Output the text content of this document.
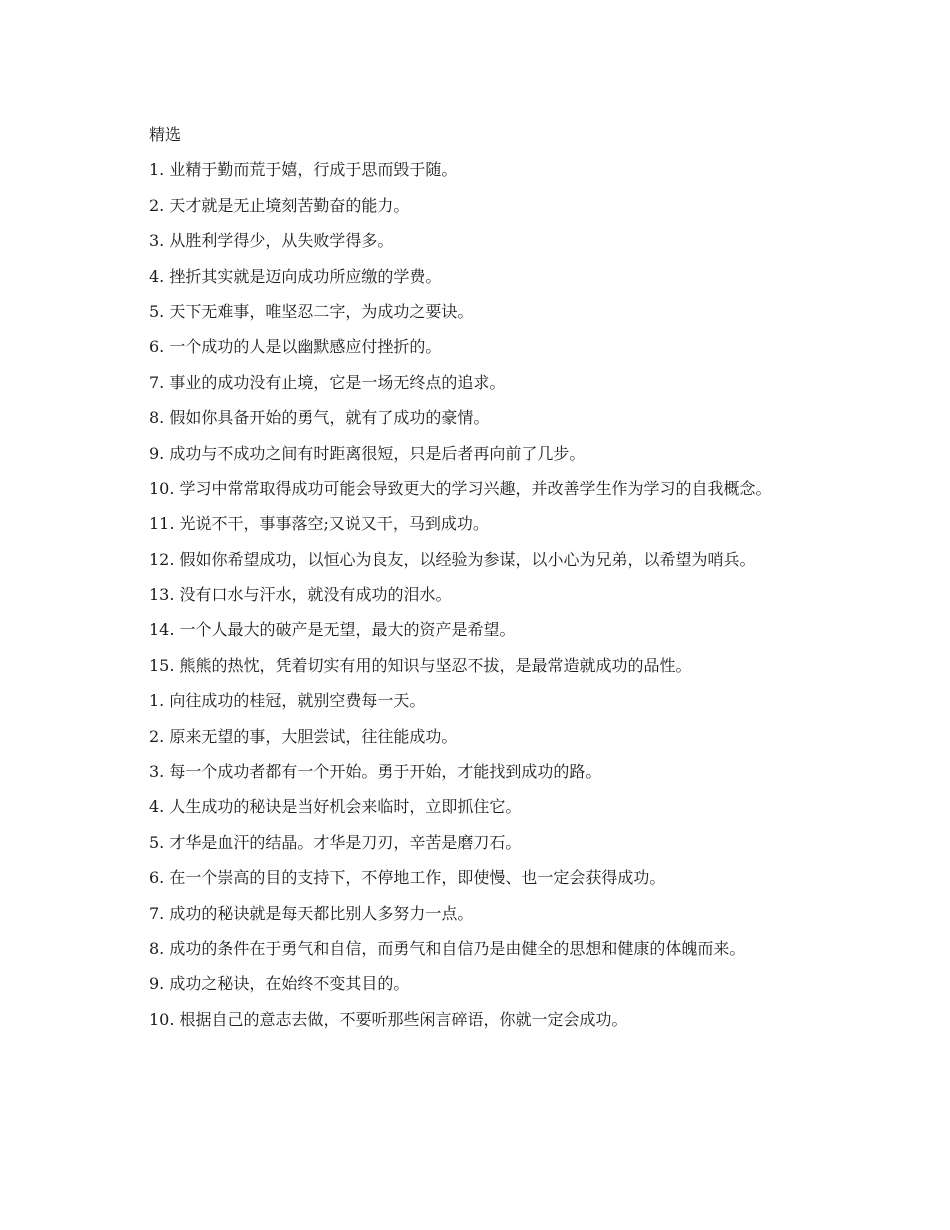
精选

1. 业精于勤而荒于嬉，行成于思而毁于随。

2. 天才就是无止境刻苦勤奋的能力。

3. 从胜利学得少，从失败学得多。

4. 挫折其实就是迈向成功所应缴的学费。

5. 天下无难事，唯坚忍二字，为成功之要诀。

6. 一个成功的人是以幽默感应付挫折的。

7. 事业的成功没有止境，它是一场无终点的追求。

8. 假如你具备开始的勇气，就有了成功的豪情。

9. 成功与不成功之间有时距离很短，只是后者再向前了几步。

10. 学习中常常取得成功可能会导致更大的学习兴趣，并改善学生作为学习的自我概念。

11. 光说不干，事事落空;又说又干，马到成功。

12. 假如你希望成功，以恒心为良友，以经验为参谋，以小心为兄弟，以希望为哨兵。

13. 没有口水与汗水，就没有成功的泪水。

14. 一个人最大的破产是无望，最大的资产是希望。

15. 熊熊的热忱，凭着切实有用的知识与坚忍不拔，是最常造就成功的品性。

1. 向往成功的桂冠，就别空费每一天。

2. 原来无望的事，大胆尝试，往往能成功。

3. 每一个成功者都有一个开始。勇于开始，才能找到成功的路。

4. 人生成功的秘诀是当好机会来临时，立即抓住它。

5. 才华是血汗的结晶。才华是刀刃，辛苦是磨刀石。

6. 在一个崇高的目的支持下，不停地工作，即使慢、也一定会获得成功。

7. 成功的秘诀就是每天都比别人多努力一点。

8. 成功的条件在于勇气和自信，而勇气和自信乃是由健全的思想和健康的体魄而来。

9. 成功之秘诀，在始终不变其目的。

10. 根据自己的意志去做，不要听那些闲言碎语，你就一定会成功。
